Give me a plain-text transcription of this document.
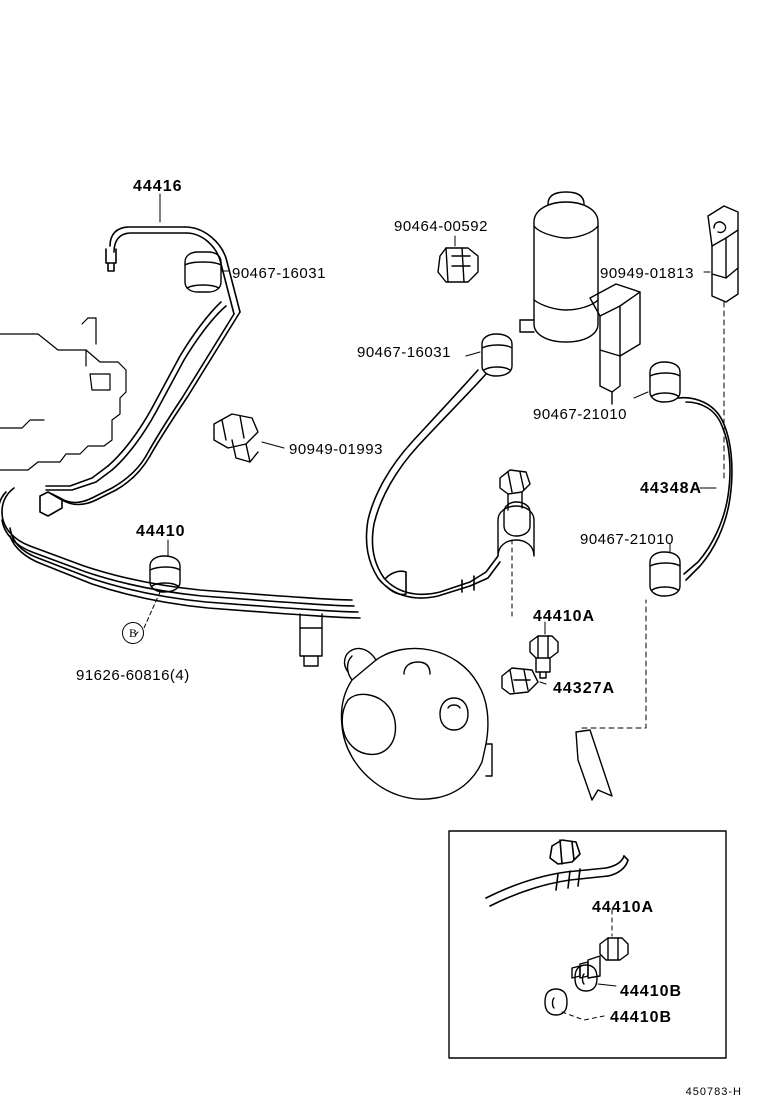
44416
90467-16031
90464-00592
90949-01813
90467-16031
90467-21010
90949-01993
44348A
44410	90467-21010
44410A
44327A
91626-60816(4)
44410A
44410B
44410B
B
450783-H
